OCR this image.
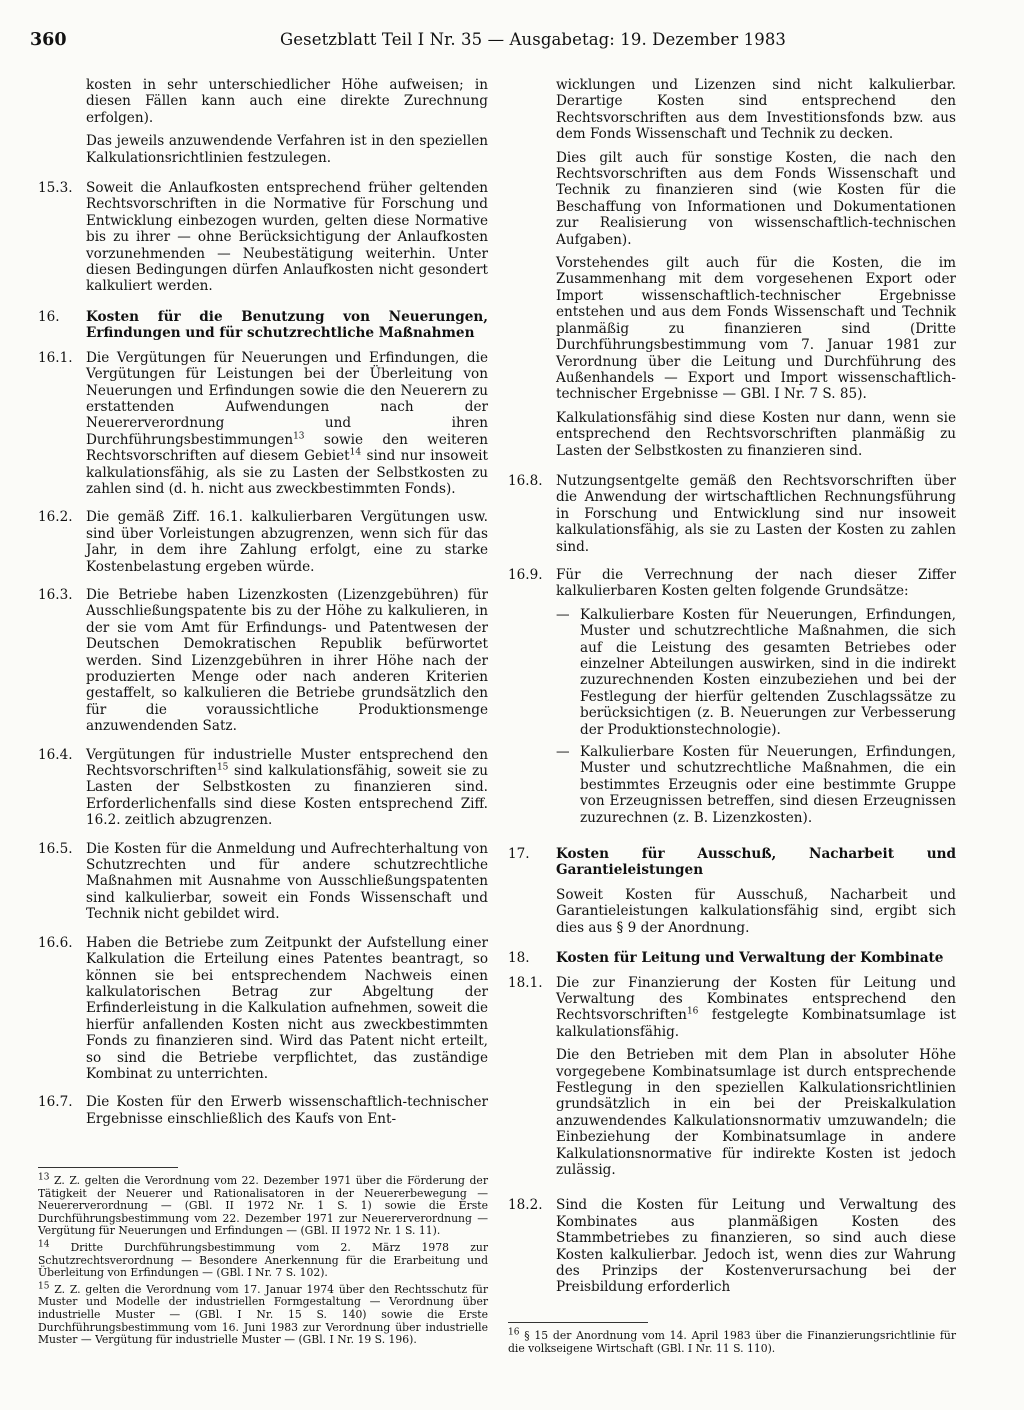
360	Gesetzblatt Teil I Nr. 35 — Ausgabetag: 19. Dezember 1983

kosten in sehr unterschiedlicher Höhe aufweisen; in diesen Fällen kann auch eine direkte Zurechnung erfolgen).

Das jeweils anzuwendende Verfahren ist in den speziellen Kalkulationsrichtlinien festzulegen.

15.3. Soweit die Anlaufkosten entsprechend früher geltenden Rechtsvorschriften in die Normative für Forschung und Entwicklung einbezogen wurden, gelten diese Normative bis zu ihrer — ohne Berücksichtigung der Anlaufkosten vorzunehmenden — Neubestätigung weiterhin. Unter diesen Bedingungen dürfen Anlaufkosten nicht gesondert kalkuliert werden.
16.	Kosten für die Benutzung von Neuerungen, Erfindungen und für schutzrechtliche Maßnahmen
16.1. Die Vergütungen für Neuerungen und Erfindungen, die Vergütungen für Leistungen bei der Überleitung von Neuerungen und Erfindungen sowie die den Neuerern zu erstattenden Aufwendungen nach der Neuererverordnung und ihren Durchführungsbestimmungen$^{13}$ sowie den weiteren Rechtsvorschriften auf diesem Gebiet$^{14}$ sind nur insoweit kalkulationsfähig, als sie zu Lasten der Selbstkosten zu zahlen sind (d. h. nicht aus zweckbestimmten Fonds).
16.2. Die gemäß Ziff. 16.1. kalkulierbaren Vergütungen usw. sind über Vorleistungen abzugrenzen, wenn sich für das Jahr, in dem ihre Zahlung erfolgt, eine zu starke Kostenbelastung ergeben würde.
16.3. Die Betriebe haben Lizenzkosten (Lizenzgebühren) für Ausschließungspatente bis zu der Höhe zu kalkulieren, in der sie vom Amt für Erfindungs- und Patentwesen der Deutschen Demokratischen Republik befürwortet werden. Sind Lizenzgebühren in ihrer Höhe nach der produzierten Menge oder nach anderen Kriterien gestaffelt, so kalkulieren die Betriebe grundsätzlich den für die voraussichtliche Produktionsmenge anzuwendenden Satz.
16.4. Vergütungen für industrielle Muster entsprechend den Rechtsvorschriften$^{15}$ sind kalkulationsfähig, soweit sie zu Lasten der Selbstkosten zu finanzieren sind. Erforderlichenfalls sind diese Kosten entsprechend Ziff. 16.2. zeitlich abzugrenzen.
16.5. Die Kosten für die Anmeldung und Aufrechterhaltung von Schutzrechten und für andere schutzrechtliche Maßnahmen mit Ausnahme von Ausschließungspatenten sind kalkulierbar, soweit ein Fonds Wissenschaft und Technik nicht gebildet wird.
16.6. Haben die Betriebe zum Zeitpunkt der Aufstellung einer Kalkulation die Erteilung eines Patentes beantragt, so können sie bei entsprechendem Nachweis einen kalkulatorischen Betrag zur Abgeltung der Erfinderleistung in die Kalkulation aufnehmen, soweit die hierfür anfallenden Kosten nicht aus zweckbestimmten Fonds zu finanzieren sind. Wird das Patent nicht erteilt, so sind die Betriebe verpflichtet, das zuständige Kombinat zu unterrichten.
16.7. Die Kosten für den Erwerb wissenschaftlich-technischer Ergebnisse einschließlich des Kaufs von Ent-

$^{13}$ Z. Z. gelten die Verordnung vom 22. Dezember 1971 über die Förderung der Tätigkeit der Neuerer und Rationalisatoren in der Neuererbewegung — Neuererverordnung — (GBl. II 1972 Nr. 1 S. 1) sowie die Erste Durchführungsbestimmung vom 22. Dezember 1971 zur Neuererverordnung — Vergütung für Neuerungen und Erfindungen — (GBl. II 1972 Nr. 1 S. 11).

$^{14}$ Dritte Durchführungsbestimmung vom 2. März 1978 zur Schutzrechtsverordnung — Besondere Anerkennung für die Erarbeitung und Überleitung von Erfindungen — (GBl. I Nr. 7 S. 102).

$^{15}$ Z. Z. gelten die Verordnung vom 17. Januar 1974 über den Rechtsschutz für Muster und Modelle der industriellen Formgestaltung — Verordnung über industrielle Muster — (GBl. I Nr. 15 S. 140) sowie die Erste Durchführungsbestimmung vom 16. Juni 1983 zur Verordnung über industrielle Muster — Vergütung für industrielle Muster — (GBl. I Nr. 19 S. 196).

wicklungen und Lizenzen sind nicht kalkulierbar. Derartige Kosten sind entsprechend den Rechtsvorschriften aus dem Investitionsfonds bzw. aus dem Fonds Wissenschaft und Technik zu decken.

Dies gilt auch für sonstige Kosten, die nach den Rechtsvorschriften aus dem Fonds Wissenschaft und Technik zu finanzieren sind (wie Kosten für die Beschaffung von Informationen und Dokumentationen zur Realisierung von wissenschaftlich-technischen Aufgaben).

Vorstehendes gilt auch für die Kosten, die im Zusammenhang mit dem vorgesehenen Export oder Import wissenschaftlich-technischer Ergebnisse entstehen und aus dem Fonds Wissenschaft und Technik planmäßig zu finanzieren sind (Dritte Durchführungsbestimmung vom 7. Januar 1981 zur Verordnung über die Leitung und Durchführung des Außenhandels — Export und Import wissenschaftlich-technischer Ergebnisse — GBl. I Nr. 7 S. 85).

Kalkulationsfähig sind diese Kosten nur dann, wenn sie entsprechend den Rechtsvorschriften planmäßig zu Lasten der Selbstkosten zu finanzieren sind.

16.8. Nutzungsentgelte gemäß den Rechtsvorschriften über die Anwendung der wirtschaftlichen Rechnungsführung in Forschung und Entwicklung sind nur insoweit kalkulationsfähig, als sie zu Lasten der Kosten zu zahlen sind.
16.9. Für die Verrechnung der nach dieser Ziffer kalkulierbaren Kosten gelten folgende Grundsätze:

— Kalkulierbare Kosten für Neuerungen, Erfindungen, Muster und schutzrechtliche Maßnahmen, die sich auf die Leistung des gesamten Betriebes oder einzelner Abteilungen auswirken, sind in die indirekt zuzurechnenden Kosten einzubeziehen und bei der Festlegung der hierfür geltenden Zuschlagssätze zu berücksichtigen (z. B. Neuerungen zur Verbesserung der Produktionstechnologie).
— Kalkulierbare Kosten für Neuerungen, Erfindungen, Muster und schutzrechtliche Maßnahmen, die ein bestimmtes Erzeugnis oder eine bestimmte Gruppe von Erzeugnissen betreffen, sind diesen Erzeugnissen zuzurechnen (z. B. Lizenzkosten).
17.	Kosten für Ausschuß, Nacharbeit und Garantieleistungen

Soweit Kosten für Ausschuß, Nacharbeit und Garantieleistungen kalkulationsfähig sind, ergibt sich dies aus § 9 der Anordnung.

18.	Kosten für Leitung und Verwaltung der Kombinate
18.1. Die zur Finanzierung der Kosten für Leitung und Verwaltung des Kombinates entsprechend den Rechtsvorschriften$^{16}$ festgelegte Kombinatsumlage ist kalkulationsfähig.

Die den Betrieben mit dem Plan in absoluter Höhe vorgegebene Kombinatsumlage ist durch entsprechende Festlegung in den speziellen Kalkulationsrichtlinien grundsätzlich in ein bei der Preiskalkulation anzuwendendes Kalkulationsnormativ umzuwandeln; die Einbeziehung der Kombinatsumlage in andere Kalkulationsnormative für indirekte Kosten ist jedoch zulässig.

18.2. Sind die Kosten für Leitung und Verwaltung des Kombinates aus planmäßigen Kosten des Stammbetriebes zu finanzieren, so sind auch diese Kosten kalkulierbar. Jedoch ist, wenn dies zur Wahrung des Prinzips der Kostenverursachung bei der Preisbildung erforderlich

$^{16}$ § 15 der Anordnung vom 14. April 1983 über die Finanzierungsrichtlinie für die volkseigene Wirtschaft (GBl. I Nr. 11 S. 110).
